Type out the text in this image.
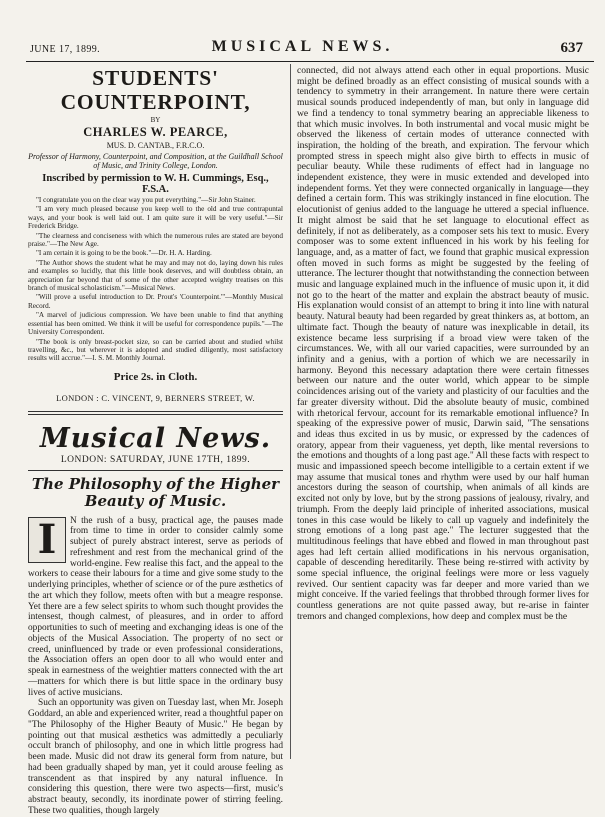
JUNE 17, 1899.	MUSICAL NEWS.	637
STUDENTS' COUNTERPOINT,
BY
CHARLES W. PEARCE,
MUS. D. CANTAB., F.R.C.O.
Professor of Harmony, Counterpoint, and Composition, at the Guildhall School of Music, and Trinity College, London.
Inscribed by permission to W. H. Cummings, Esq., F.S.A.

"I congratulate you on the clear way you put everything."—Sir John Stainer.

"I am very much pleased because you keep well to the old and true contrapuntal ways, and your book is well laid out. I am quite sure it will be very useful."—Sir Frederick Bridge.

"The clearness and conciseness with which the numerous rules are stated are beyond praise."—The New Age.

"I am certain it is going to be the book."—Dr. H. A. Harding.

"The Author shows the student what he may and may not do, laying down his rules and examples so lucidly, that this little book deserves, and will doubtless obtain, an appreciation far beyond that of some of the other accepted weighty treatises on this branch of musical scholasticism."—Musical News.

"Will prove a useful introduction to Dr. Prout's 'Counterpoint.'"—Monthly Musical Record.

"A marvel of judicious compression. We have been unable to find that anything essential has been omitted. We think it will be useful for correspondence pupils."—The University Correspondent.

"The book is only breast-pocket size, so can be carried about and studied whilst travelling, &c., but wherever it is adopted and studied diligently, most satisfactory results will accrue."—I. S. M. Monthly Journal.

Price 2s. in Cloth.
LONDON : C. VINCENT, 9, BERNERS STREET, W.
Musical News.
LONDON: SATURDAY, JUNE 17TH, 1899.
The Philosophy of the Higher Beauty of Music.
I	N the rush of a busy, practical age, the pauses made from time to time in order to consider calmly some subject of purely abstract interest, serve as periods of refreshment and rest from the mechanical grind of the world-engine. Few realise this fact, and the appeal to the workers to cease their labours for a time and give some study to the underlying principles, whether of science or of the pure æsthetics of the art which they follow, meets often with but a meagre response. Yet there are a few select spirits to whom such thought provides the intensest, though calmest, of pleasures, and in order to afford opportunities to such of meeting and exchanging ideas is one of the objects of the Musical Association. The property of no sect or creed, uninfluenced by trade or even professional considerations, the Association offers an open door to all who would enter and speak in earnestness of the weightier matters connected with the art—matters for which there is but little space in the ordinary busy lives of active musicians.

Such an opportunity was given on Tuesday last, when Mr. Joseph Goddard, an able and experienced writer, read a thoughtful paper on "The Philosophy of the Higher Beauty of Music." He began by pointing out that musical æsthetics was admittedly a peculiarly occult branch of philosophy, and one in which little progress had been made. Music did not draw its general form from nature, but had been gradually shaped by man, yet it could arouse feeling as transcendent as that inspired by any natural influence. In considering this question, there were two aspects—first, music's abstract beauty, secondly, its inordinate power of stirring feeling. These two qualities, though largely

connected, did not always attend each other in equal proportions. Music might be defined broadly as an effect consisting of musical sounds with a tendency to symmetry in their arrangement. In nature there were certain musical sounds produced independently of man, but only in language did we find a tendency to tonal symmetry bearing an appreciable likeness to that which music involves. In both instrumental and vocal music might be observed the likeness of certain modes of utterance connected with inspiration, the holding of the breath, and expiration. The fervour which prompted stress in speech might also give birth to effects in music of peculiar beauty. While these rudiments of effect had in language no independent existence, they were in music extended and developed into independent forms. Yet they were connected organically in language—they defined a certain form. This was strikingly instanced in fine elocution. The elocutionist of genius added to the language he uttered a special influence. It might almost be said that he set language to elocutional effect as definitely, if not as deliberately, as a composer sets his text to music. Every composer was to some extent influenced in his work by his feeling for language, and, as a matter of fact, we found that graphic musical expression often moved in such forms as might be suggested by the feeling of utterance. The lecturer thought that notwithstanding the connection between music and language explained much in the influence of music upon it, it did not go to the heart of the matter and explain the abstract beauty of music. His explanation would consist of an attempt to bring it into line with natural beauty. Natural beauty had been regarded by great thinkers as, at bottom, an ultimate fact. Though the beauty of nature was inexplicable in detail, its existence became less surprising if a broad view were taken of the circumstances. We, with all our varied capacities, were surrounded by an infinity and a genius, with a portion of which we are necessarily in harmony. Beyond this necessary adaptation there were certain fitnesses between our nature and the outer world, which appear to be simple coincidences arising out of the variety and plasticity of our faculties and the far greater diversity without. Did the absolute beauty of music, combined with rhetorical fervour, account for its remarkable emotional influence? In speaking of the expressive power of music, Darwin said, "The sensations and ideas thus excited in us by music, or expressed by the cadences of oratory, appear from their vagueness, yet depth, like mental reversions to the emotions and thoughts of a long past age." All these facts with respect to music and impassioned speech become intelligible to a certain extent if we may assume that musical tones and rhythm were used by our half human ancestors during the season of courtship, when animals of all kinds are excited not only by love, but by the strong passions of jealousy, rivalry, and triumph. From the deeply laid principle of inherited associations, musical tones in this case would be likely to call up vaguely and indefinitely the strong emotions of a long past age." The lecturer suggested that the multitudinous feelings that have ebbed and flowed in man throughout past ages had left certain allied modifications in his nervous organisation, capable of descending hereditarily. These being re-stirred with activity by some special influence, the original feelings were more or less vaguely revived. Our sentient capacity was far deeper and more varied than we might conceive. If the varied feelings that throbbed through former lives for countless generations are not quite passed away, but re-arise in fainter tremors and changed complexions, how deep and complex must be the
